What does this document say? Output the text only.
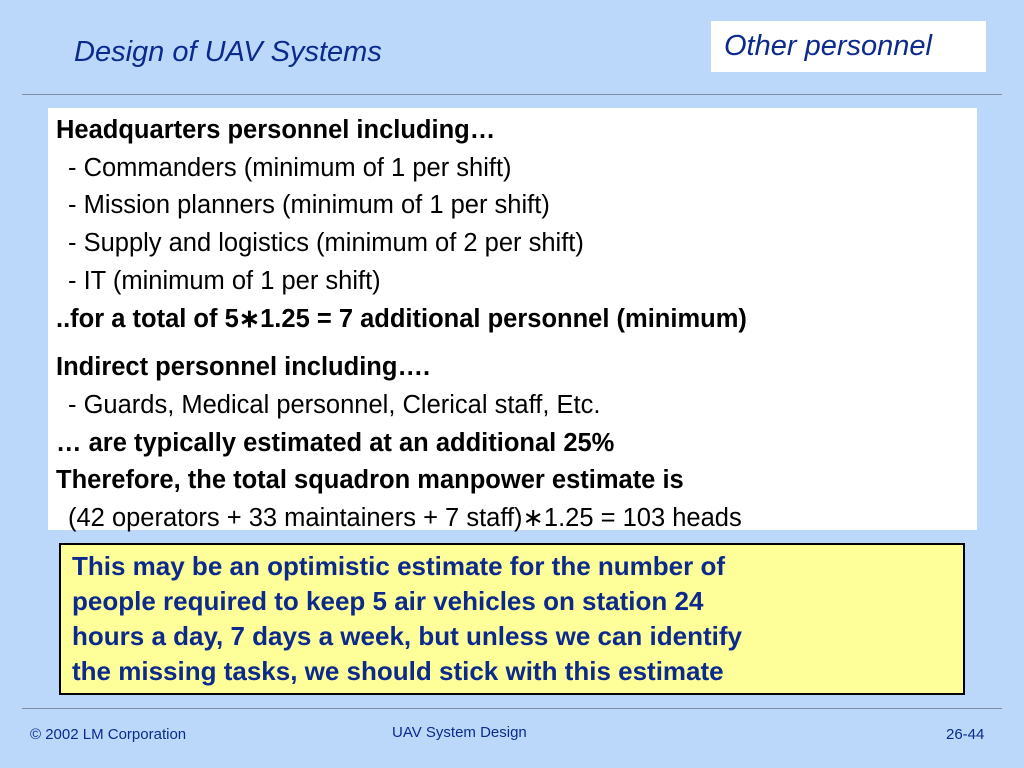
Design of UAV Systems	Other personnel
Headquarters personnel including…
- Commanders (minimum of 1 per shift)
- Mission planners (minimum of 1 per shift)
- Supply and logistics (minimum of 2 per shift)
- IT (minimum of 1 per shift)
..for a total of 5∗1.25 = 7 additional personnel (minimum)
Indirect personnel including….
- Guards, Medical personnel, Clerical staff, Etc.
… are typically estimated at an additional 25%
Therefore, the total squadron manpower estimate is
(42 operators + 33 maintainers + 7 staff)∗1.25 = 103 heads
This may be an optimistic estimate for the number of
people required to keep 5 air vehicles on station 24
hours a day, 7 days a week, but unless we can identify
the missing tasks, we should stick with this estimate
© 2002 LM Corporation	UAV System Design	26-44
